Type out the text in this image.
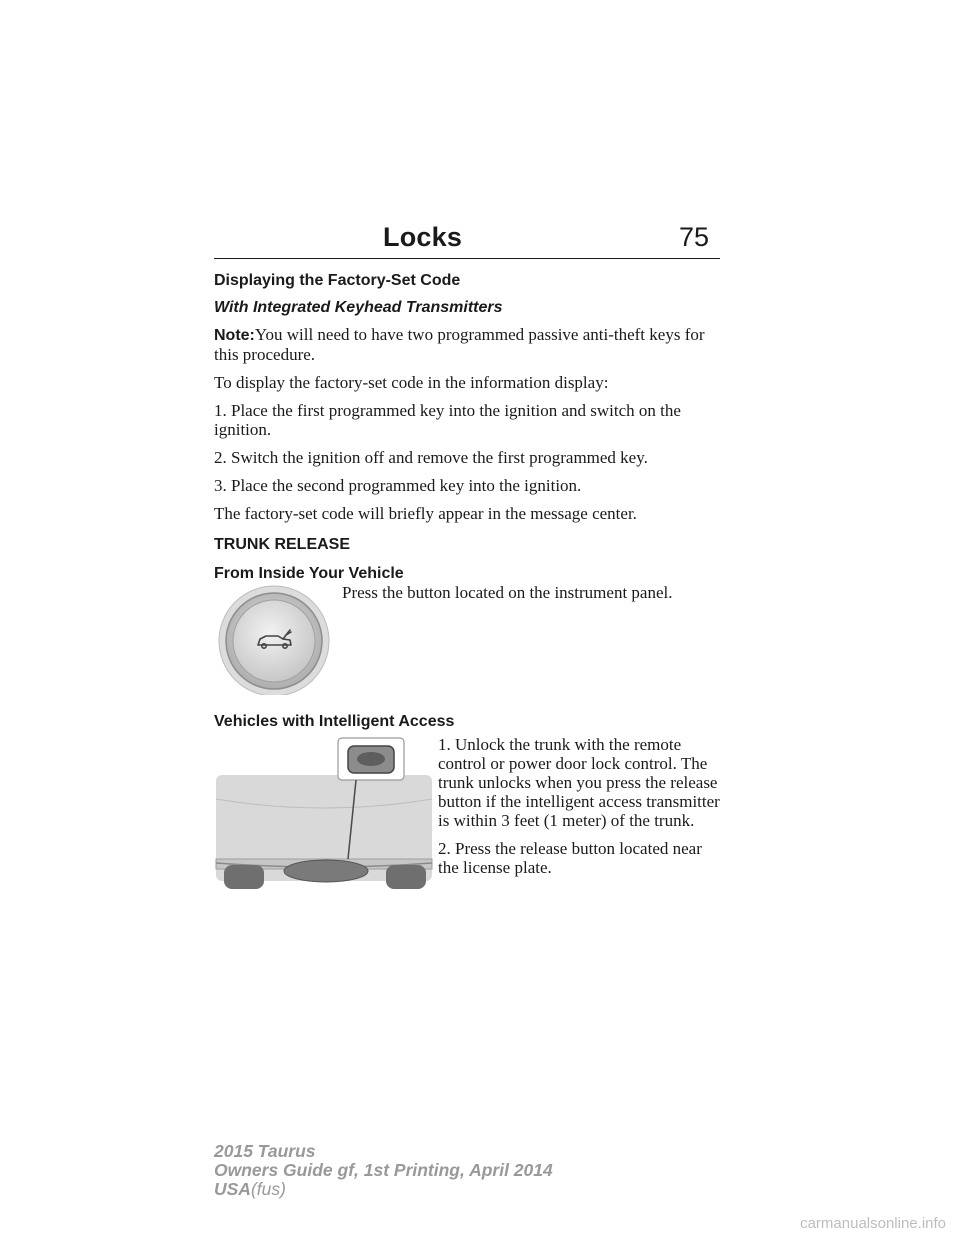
Locks	75
Displaying the Factory-Set Code
With Integrated Keyhead Transmitters

Note:You will need to have two programmed passive anti-theft keys for this procedure.

To display the factory-set code in the information display:

1. Place the first programmed key into the ignition and switch on the ignition.

2. Switch the ignition off and remove the first programmed key.

3. Place the second programmed key into the ignition.

The factory-set code will briefly appear in the message center.

TRUNK RELEASE
From Inside Your Vehicle
Press the button located on the instrument panel.
Vehicles with Intelligent Access

1. Unlock the trunk with the remote control or power door lock control. The trunk unlocks when you press the release button if the intelligent access transmitter is within 3 feet (1 meter) of the trunk.

2. Press the release button located near the license plate.

2015 Taurus
Owners Guide gf, 1st Printing, April 2014
USA(fus)
carmanualsonline.info
